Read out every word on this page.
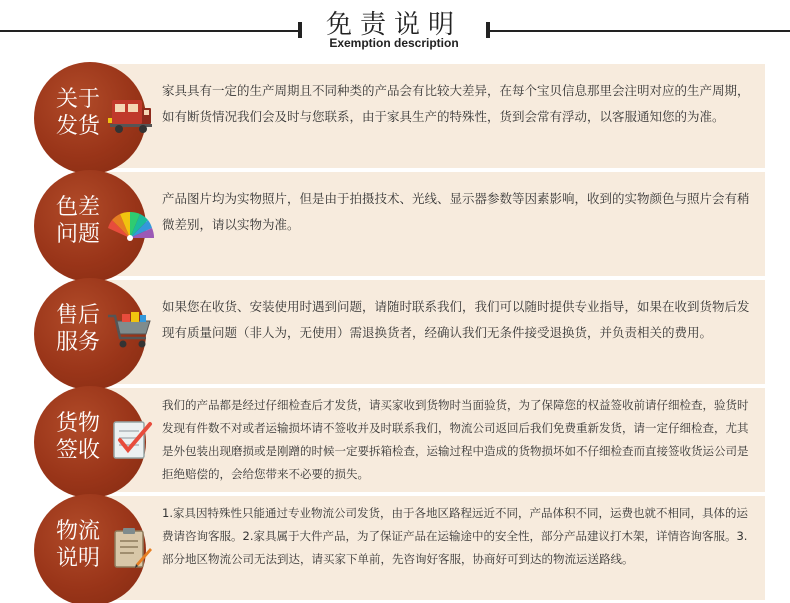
免责说明
Exemption description
关于
发货
家具具有一定的生产周期且不同种类的产品会有比较大差异，在每个宝贝信息那里会注明对应的生产周期，如有断货情况我们会及时与您联系，由于家具生产的特殊性，货到会常有浮动，以客服通知您的为准。
色差
问题
产品图片均为实物照片，但是由于拍摄技术、光线、显示器参数等因素影响，收到的实物颜色与照片会有稍微差别，请以实物为准。
售后
服务
如果您在收货、安装使用时遇到问题，请随时联系我们，我们可以随时提供专业指导，如果在收到货物后发现有质量问题（非人为，无使用）需退换货者，经确认我们无条件接受退换货，并负责相关的费用。
货物
签收
我们的产品都是经过仔细检查后才发货，请买家收到货物时当面验货，为了保障您的权益签收前请仔细检查，验货时发现有件数不对或者运输损坏请不签收并及时联系我们，物流公司返回后我们免费重新发货，请一定仔细检查，尤其是外包装出现磨损或是刚蹭的时候一定要拆箱检查，运输过程中造成的货物损坏如不仔细检查而直接签收货运公司是拒绝赔偿的，会给您带来不必要的损失。
物流
说明
1.家具因特殊性只能通过专业物流公司发货，由于各地区路程远近不同，产品体积不同，运费也就不相同，具体的运费请咨询客服。2.家具属于大件产品，为了保证产品在运输途中的安全性，部分产品建议打木架，详情咨询客服。3.部分地区物流公司无法到达，请买家下单前，先咨询好客服，协商好可到达的物流运送路线。
